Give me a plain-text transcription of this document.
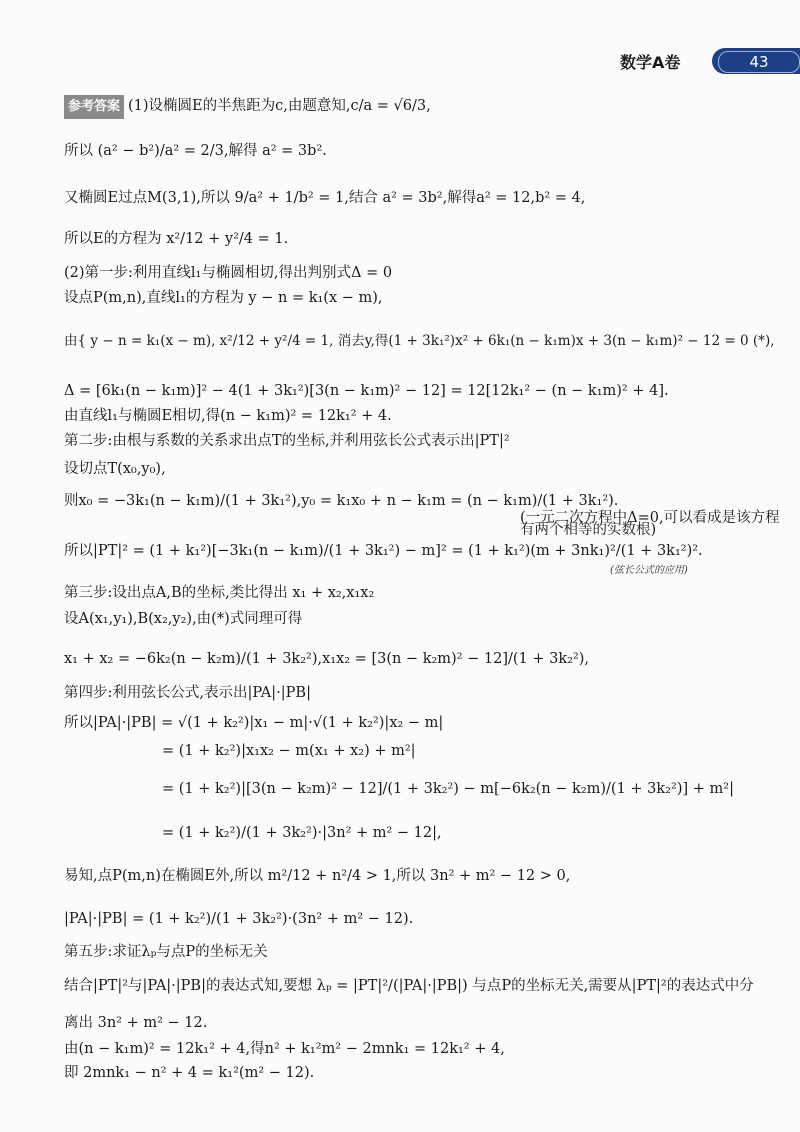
数学A卷	43
参考答案 (1)设椭圆E的半焦距为c,由题意知,c/a = √6/3,
所以 (a² − b²)/a² = 2/3,解得 a² = 3b².
又椭圆E过点M(3,1),所以 9/a² + 1/b² = 1,结合 a² = 3b²,解得a² = 12,b² = 4,
所以E的方程为 x²/12 + y²/4 = 1.
(2)第一步:利用直线l₁与椭圆相切,得出判别式Δ = 0
设点P(m,n),直线l₁的方程为 y − n = k₁(x − m),
由{ y − n = k₁(x − m), x²/12 + y²/4 = 1, 消去y,得(1 + 3k₁²)x² + 6k₁(n − k₁m)x + 3(n − k₁m)² − 12 = 0 (*),
Δ = [6k₁(n − k₁m)]² − 4(1 + 3k₁²)[3(n − k₁m)² − 12] = 12[12k₁² − (n − k₁m)² + 4].
由直线l₁与椭圆E相切,得(n − k₁m)² = 12k₁² + 4.
第二步:由根与系数的关系求出点T的坐标,并利用弦长公式表示出|PT|²
设切点T(x₀,y₀),
则x₀ = −3k₁(n − k₁m)/(1 + 3k₁²),y₀ = k₁x₀ + n − k₁m = (n − k₁m)/(1 + 3k₁²).
(一元二次方程中Δ=0,可以看成是该方程有两个相等的实数根)
所以|PT|² = (1 + k₁²)[−3k₁(n − k₁m)/(1 + 3k₁²) − m]² = (1 + k₁²)(m + 3nk₁)²/(1 + 3k₁²)².
(弦长公式的应用)
第三步:设出点A,B的坐标,类比得出 x₁ + x₂,x₁x₂
设A(x₁,y₁),B(x₂,y₂),由(*)式同理可得
x₁ + x₂ = −6k₂(n − k₂m)/(1 + 3k₂²),x₁x₂ = [3(n − k₂m)² − 12]/(1 + 3k₂²),
第四步:利用弦长公式,表示出|PA|·|PB|
所以|PA|·|PB| = √(1 + k₂²)|x₁ − m|·√(1 + k₂²)|x₂ − m|
= (1 + k₂²)|x₁x₂ − m(x₁ + x₂) + m²|
= (1 + k₂²)|[3(n − k₂m)² − 12]/(1 + 3k₂²) − m[−6k₂(n − k₂m)/(1 + 3k₂²)] + m²|
= (1 + k₂²)/(1 + 3k₂²)·|3n² + m² − 12|,
易知,点P(m,n)在椭圆E外,所以 m²/12 + n²/4 > 1,所以 3n² + m² − 12 > 0,
|PA|·|PB| = (1 + k₂²)/(1 + 3k₂²)·(3n² + m² − 12).
第五步:求证λₚ与点P的坐标无关
结合|PT|²与|PA|·|PB|的表达式知,要想 λₚ = |PT|²/(|PA|·|PB|) 与点P的坐标无关,需要从|PT|²的表达式中分
离出 3n² + m² − 12.
由(n − k₁m)² = 12k₁² + 4,得n² + k₁²m² − 2mnk₁ = 12k₁² + 4,
即 2mnk₁ − n² + 4 = k₁²(m² − 12).
